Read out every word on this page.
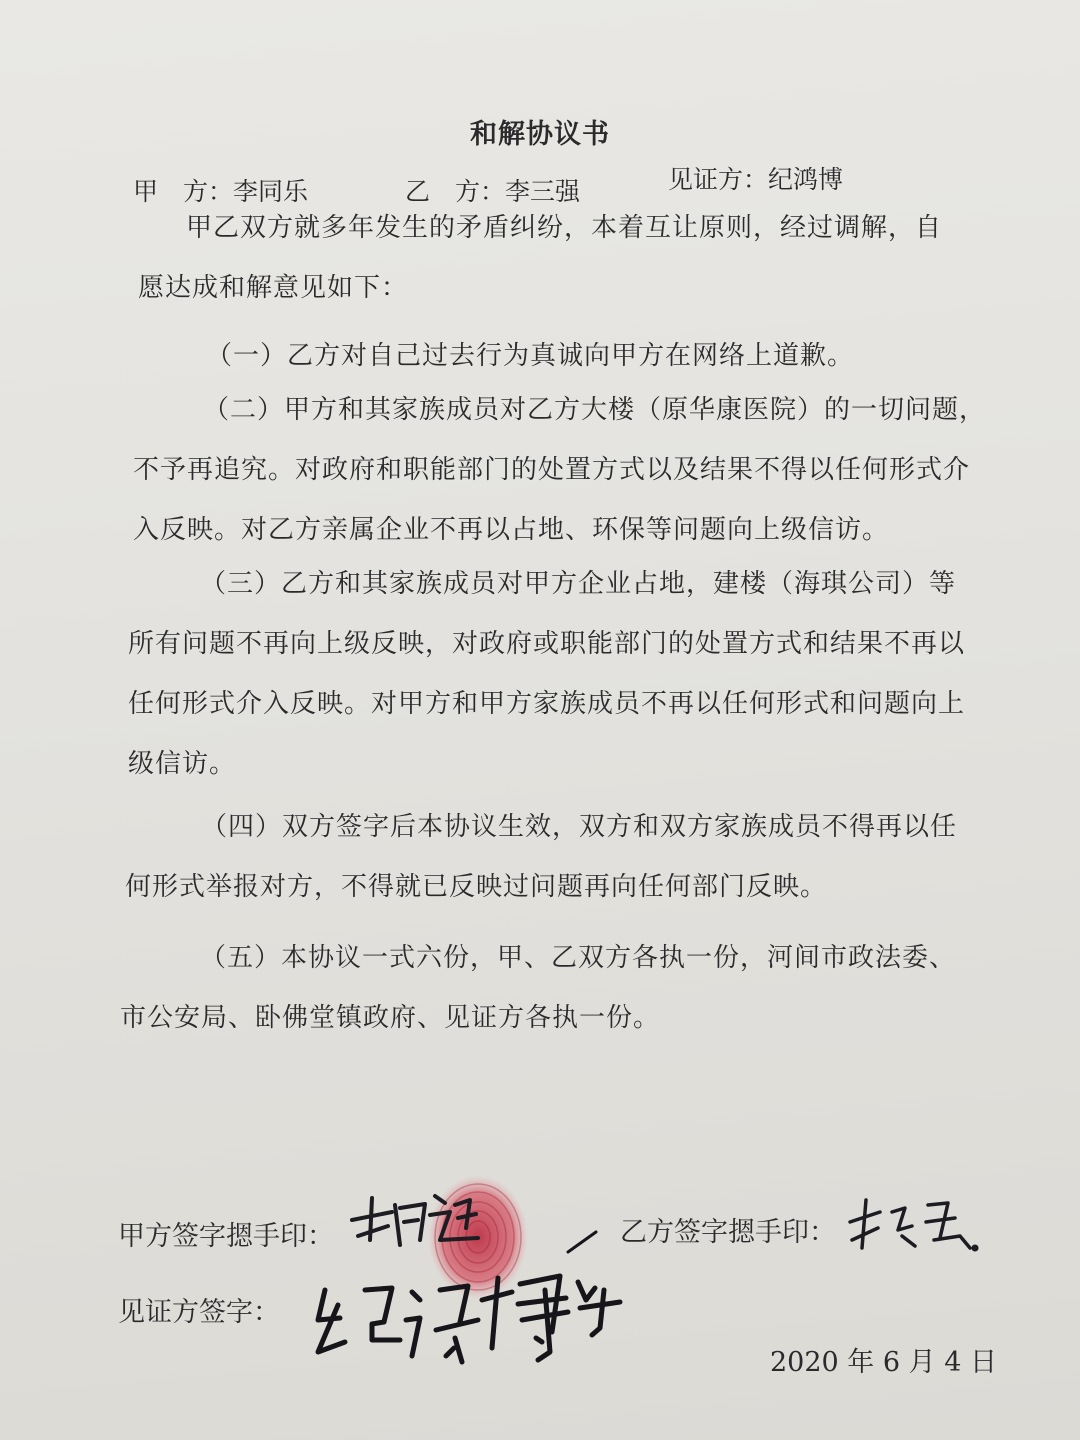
和解协议书
甲　方：李同乐	乙　方：李三强	见证方：纪鸿博
甲乙双方就多年发生的矛盾纠纷，本着互让原则，经过调解，自
愿达成和解意见如下：
（一）乙方对自己过去行为真诚向甲方在网络上道歉。
（二）甲方和其家族成员对乙方大楼（原华康医院）的一切问题，
不予再追究。对政府和职能部门的处置方式以及结果不得以任何形式介
入反映。对乙方亲属企业不再以占地、环保等问题向上级信访。
（三）乙方和其家族成员对甲方企业占地，建楼（海琪公司）等
所有问题不再向上级反映，对政府或职能部门的处置方式和结果不再以
任何形式介入反映。对甲方和甲方家族成员不再以任何形式和问题向上
级信访。
（四）双方签字后本协议生效，双方和双方家族成员不得再以任
何形式举报对方，不得就已反映过问题再向任何部门反映。
（五）本协议一式六份，甲、乙双方各执一份，河间市政法委、
市公安局、卧佛堂镇政府、见证方各执一份。
甲方签字摁手印：	乙方签字摁手印：
见证方签字：
2020 年 6 月 4 日
